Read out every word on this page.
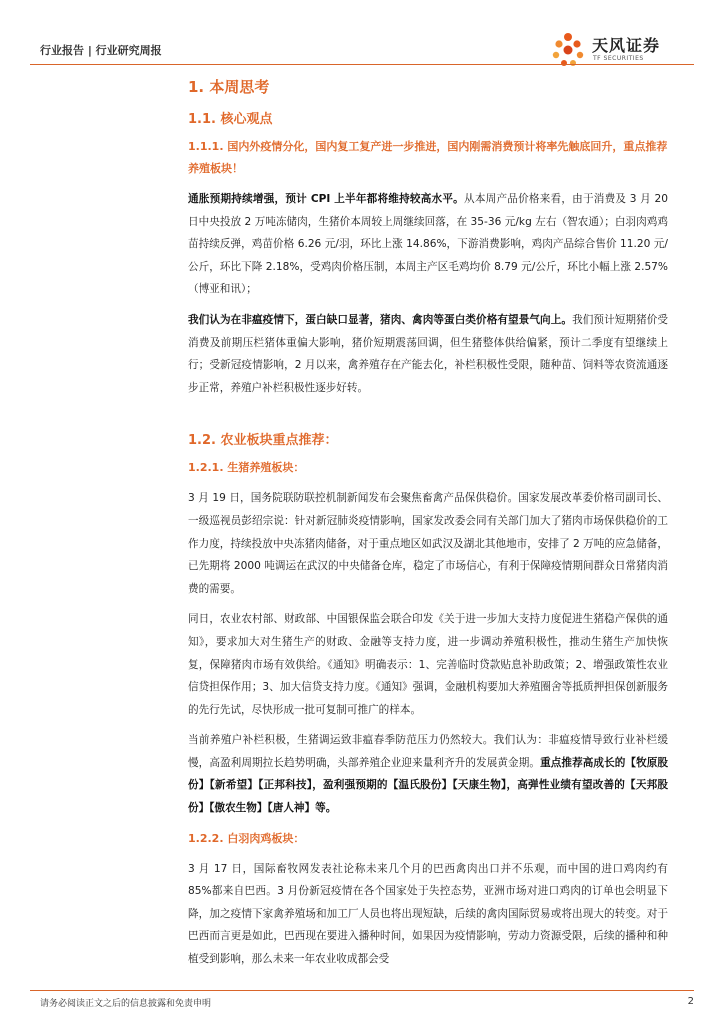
行业报告 | 行业研究周报	天风证券
TF SECURITIES
1. 本周思考
1.1. 核心观点
1.1.1. 国内外疫情分化，国内复工复产进一步推进，国内刚需消费预计将率先触底回升，重点推荐养殖板块！
通胀预期持续增强，预计 CPI 上半年都将维持较高水平。从本周产品价格来看，由于消费及 3 月 20 日中央投放 2 万吨冻储肉，生猪价本周较上周继续回落，在 35-36 元/kg 左右（智农通）；白羽肉鸡鸡苗持续反弹，鸡苗价格 6.26 元/羽，环比上涨 14.86%，下游消费影响，鸡肉产品综合售价 11.20 元/公斤，环比下降 2.18%，受鸡肉价格压制，本周主产区毛鸡均价 8.79 元/公斤，环比小幅上涨 2.57%（博亚和讯）；
我们认为在非瘟疫情下，蛋白缺口显著，猪肉、禽肉等蛋白类价格有望景气向上。我们预计短期猪价受消费及前期压栏猪体重偏大影响，猪价短期震荡回调，但生猪整体供给偏紧，预计二季度有望继续上行；受新冠疫情影响，2 月以来，禽养殖存在产能去化，补栏积极性受限，随种苗、饲料等农资流通逐步正常，养殖户补栏积极性逐步好转。
1.2. 农业板块重点推荐：
1.2.1. 生猪养殖板块：
3 月 19 日，国务院联防联控机制新闻发布会聚焦畜禽产品保供稳价。国家发展改革委价格司副司长、一级巡视员彭绍宗说：针对新冠肺炎疫情影响，国家发改委会同有关部门加大了猪肉市场保供稳价的工作力度，持续投放中央冻猪肉储备，对于重点地区如武汉及湖北其他地市，安排了 2 万吨的应急储备，已先期将 2000 吨调运在武汉的中央储备仓库，稳定了市场信心，有利于保障疫情期间群众日常猪肉消费的需要。
同日，农业农村部、财政部、中国银保监会联合印发《关于进一步加大支持力度促进生猪稳产保供的通知》，要求加大对生猪生产的财政、金融等支持力度，进一步调动养殖积极性，推动生猪生产加快恢复，保障猪肉市场有效供给。《通知》明确表示：1、完善临时贷款贴息补助政策；2、增强政策性农业信贷担保作用；3、加大信贷支持力度。《通知》强调，金融机构要加大养殖圈舍等抵质押担保创新服务的先行先试，尽快形成一批可复制可推广的样本。
当前养殖户补栏积极，生猪调运致非瘟春季防范压力仍然较大。我们认为：非瘟疫情导致行业补栏缓慢，高盈利周期拉长趋势明确，头部养殖企业迎来量利齐升的发展黄金期。重点推荐高成长的【牧原股份】【新希望】【正邦科技】，盈利强预期的【温氏股份】【天康生物】，高弹性业绩有望改善的【天邦股份】【傲农生物】【唐人神】等。
1.2.2. 白羽肉鸡板块：
3 月 17 日，国际畜牧网发表社论称未来几个月的巴西禽肉出口并不乐观，而中国的进口鸡肉约有 85%都来自巴西。3 月份新冠疫情在各个国家处于失控态势，亚洲市场对进口鸡肉的订单也会明显下降，加之疫情下家禽养殖场和加工厂人员也将出现短缺，后续的禽肉国际贸易或将出现大的转变。对于巴西而言更是如此，巴西现在要进入播种时间，如果因为疫情影响，劳动力资源受限，后续的播种和种植受到影响，那么未来一年农业收成都会受
请务必阅读正文之后的信息披露和免责申明	2
